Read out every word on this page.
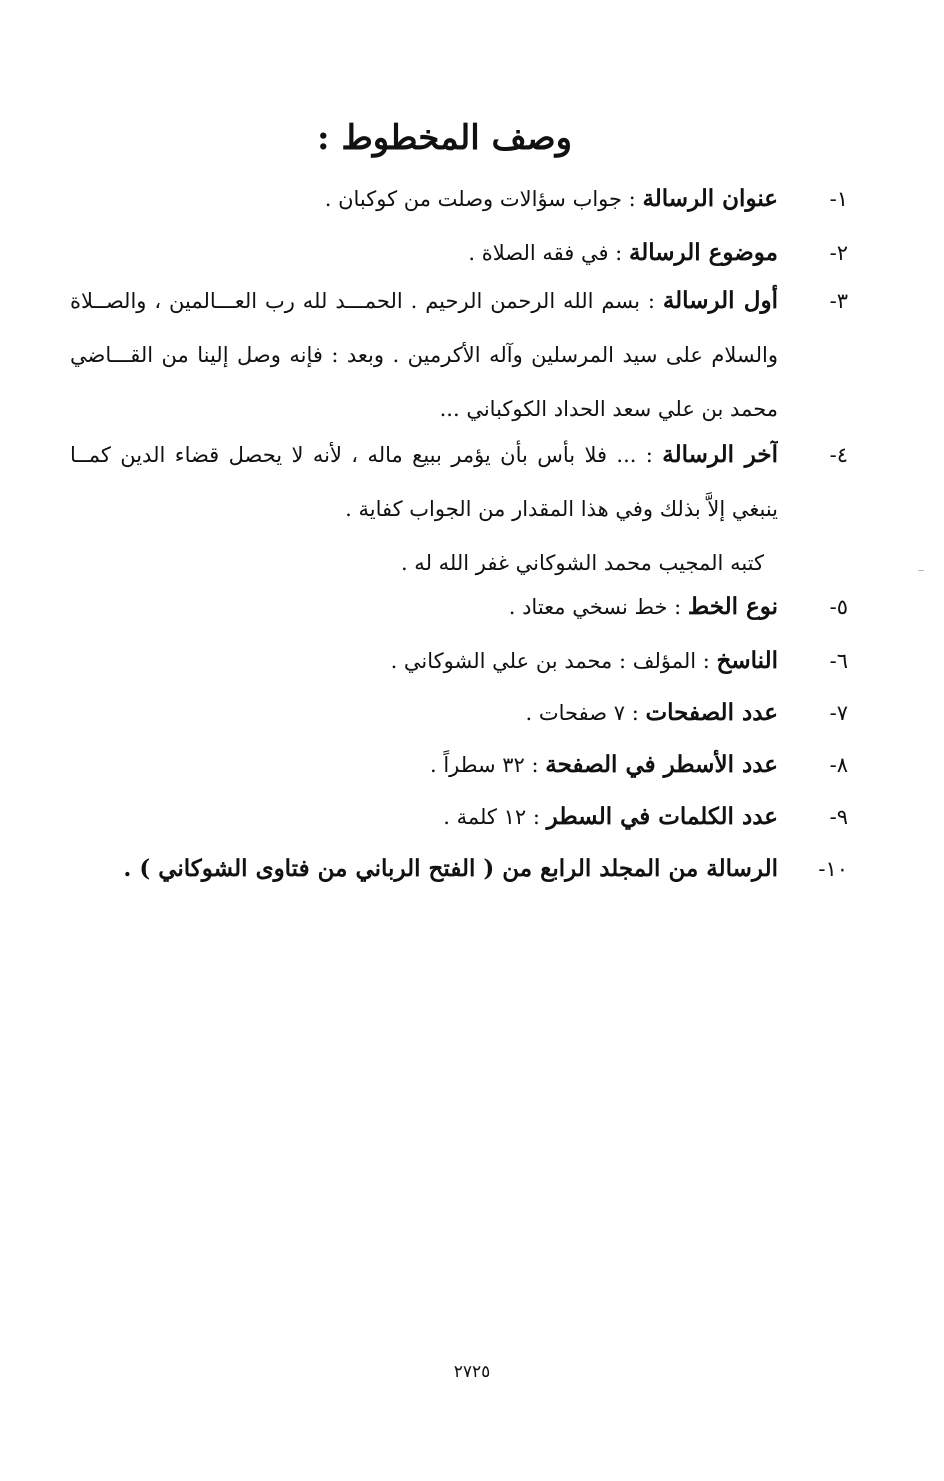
وصف المخطوط :
١-
عنوان الرسالة : جواب سؤالات وصلت من كوكبان .
٢-
موضوع الرسالة : في فقه الصلاة .
٣-
أول الرسالة : بسم الله الرحمن الرحيم . الحمـــد لله رب العـــالمين ، والصــلاة
والسلام على سيد المرسلين وآله الأكرمين . وبعد : فإنه وصل إلينا من القـــاضي
محمد بن علي سعد الحداد الكوكباني ...
٤-
آخر الرسالة : ... فلا بأس بأن يؤمر ببيع ماله ، لأنه لا يحصل قضاء الدين كمــا
ينبغي إلاَّ بذلك وفي هذا المقدار من الجواب كفاية .
كتبه المجيب محمد الشوكاني غفر الله له .
٥-
نوع الخط : خط نسخي معتاد .
٦-
الناسخ : المؤلف : محمد بن علي الشوكاني .
٧-
عدد الصفحات : ٧ صفحات .
٨-
عدد الأسطر في الصفحة : ٣٢ سطراً .
٩-
عدد الكلمات في السطر : ١٢ كلمة .
١٠-
الرسالة من المجلد الرابع من ( الفتح الرباني من فتاوى الشوكاني ) .
٢٧٢٥
